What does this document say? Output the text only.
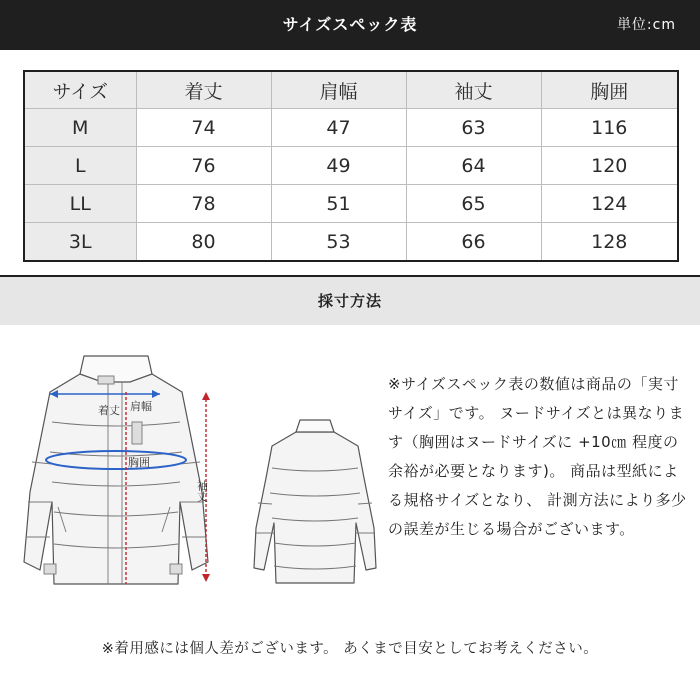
サイズスペック表	単位:cm
サイズ	着丈	肩幅	袖丈	胸囲
M	74	47	63	116
L	76	49	64	120
LL	78	51	65	124
3L	80	53	66	128
採寸方法
着丈 肩幅
胸囲
袖丈
※サイズスペック表の数値は商品の「実寸サイズ」です。 ヌードサイズとは異なります（胸囲はヌードサイズに +10㎝ 程度の余裕が必要となります)。 商品は型紙による規格サイズとなり、 計測方法により多少の誤差が生じる場合がございます。
※着用感には個人差がございます。 あくまで目安としてお考えください。
